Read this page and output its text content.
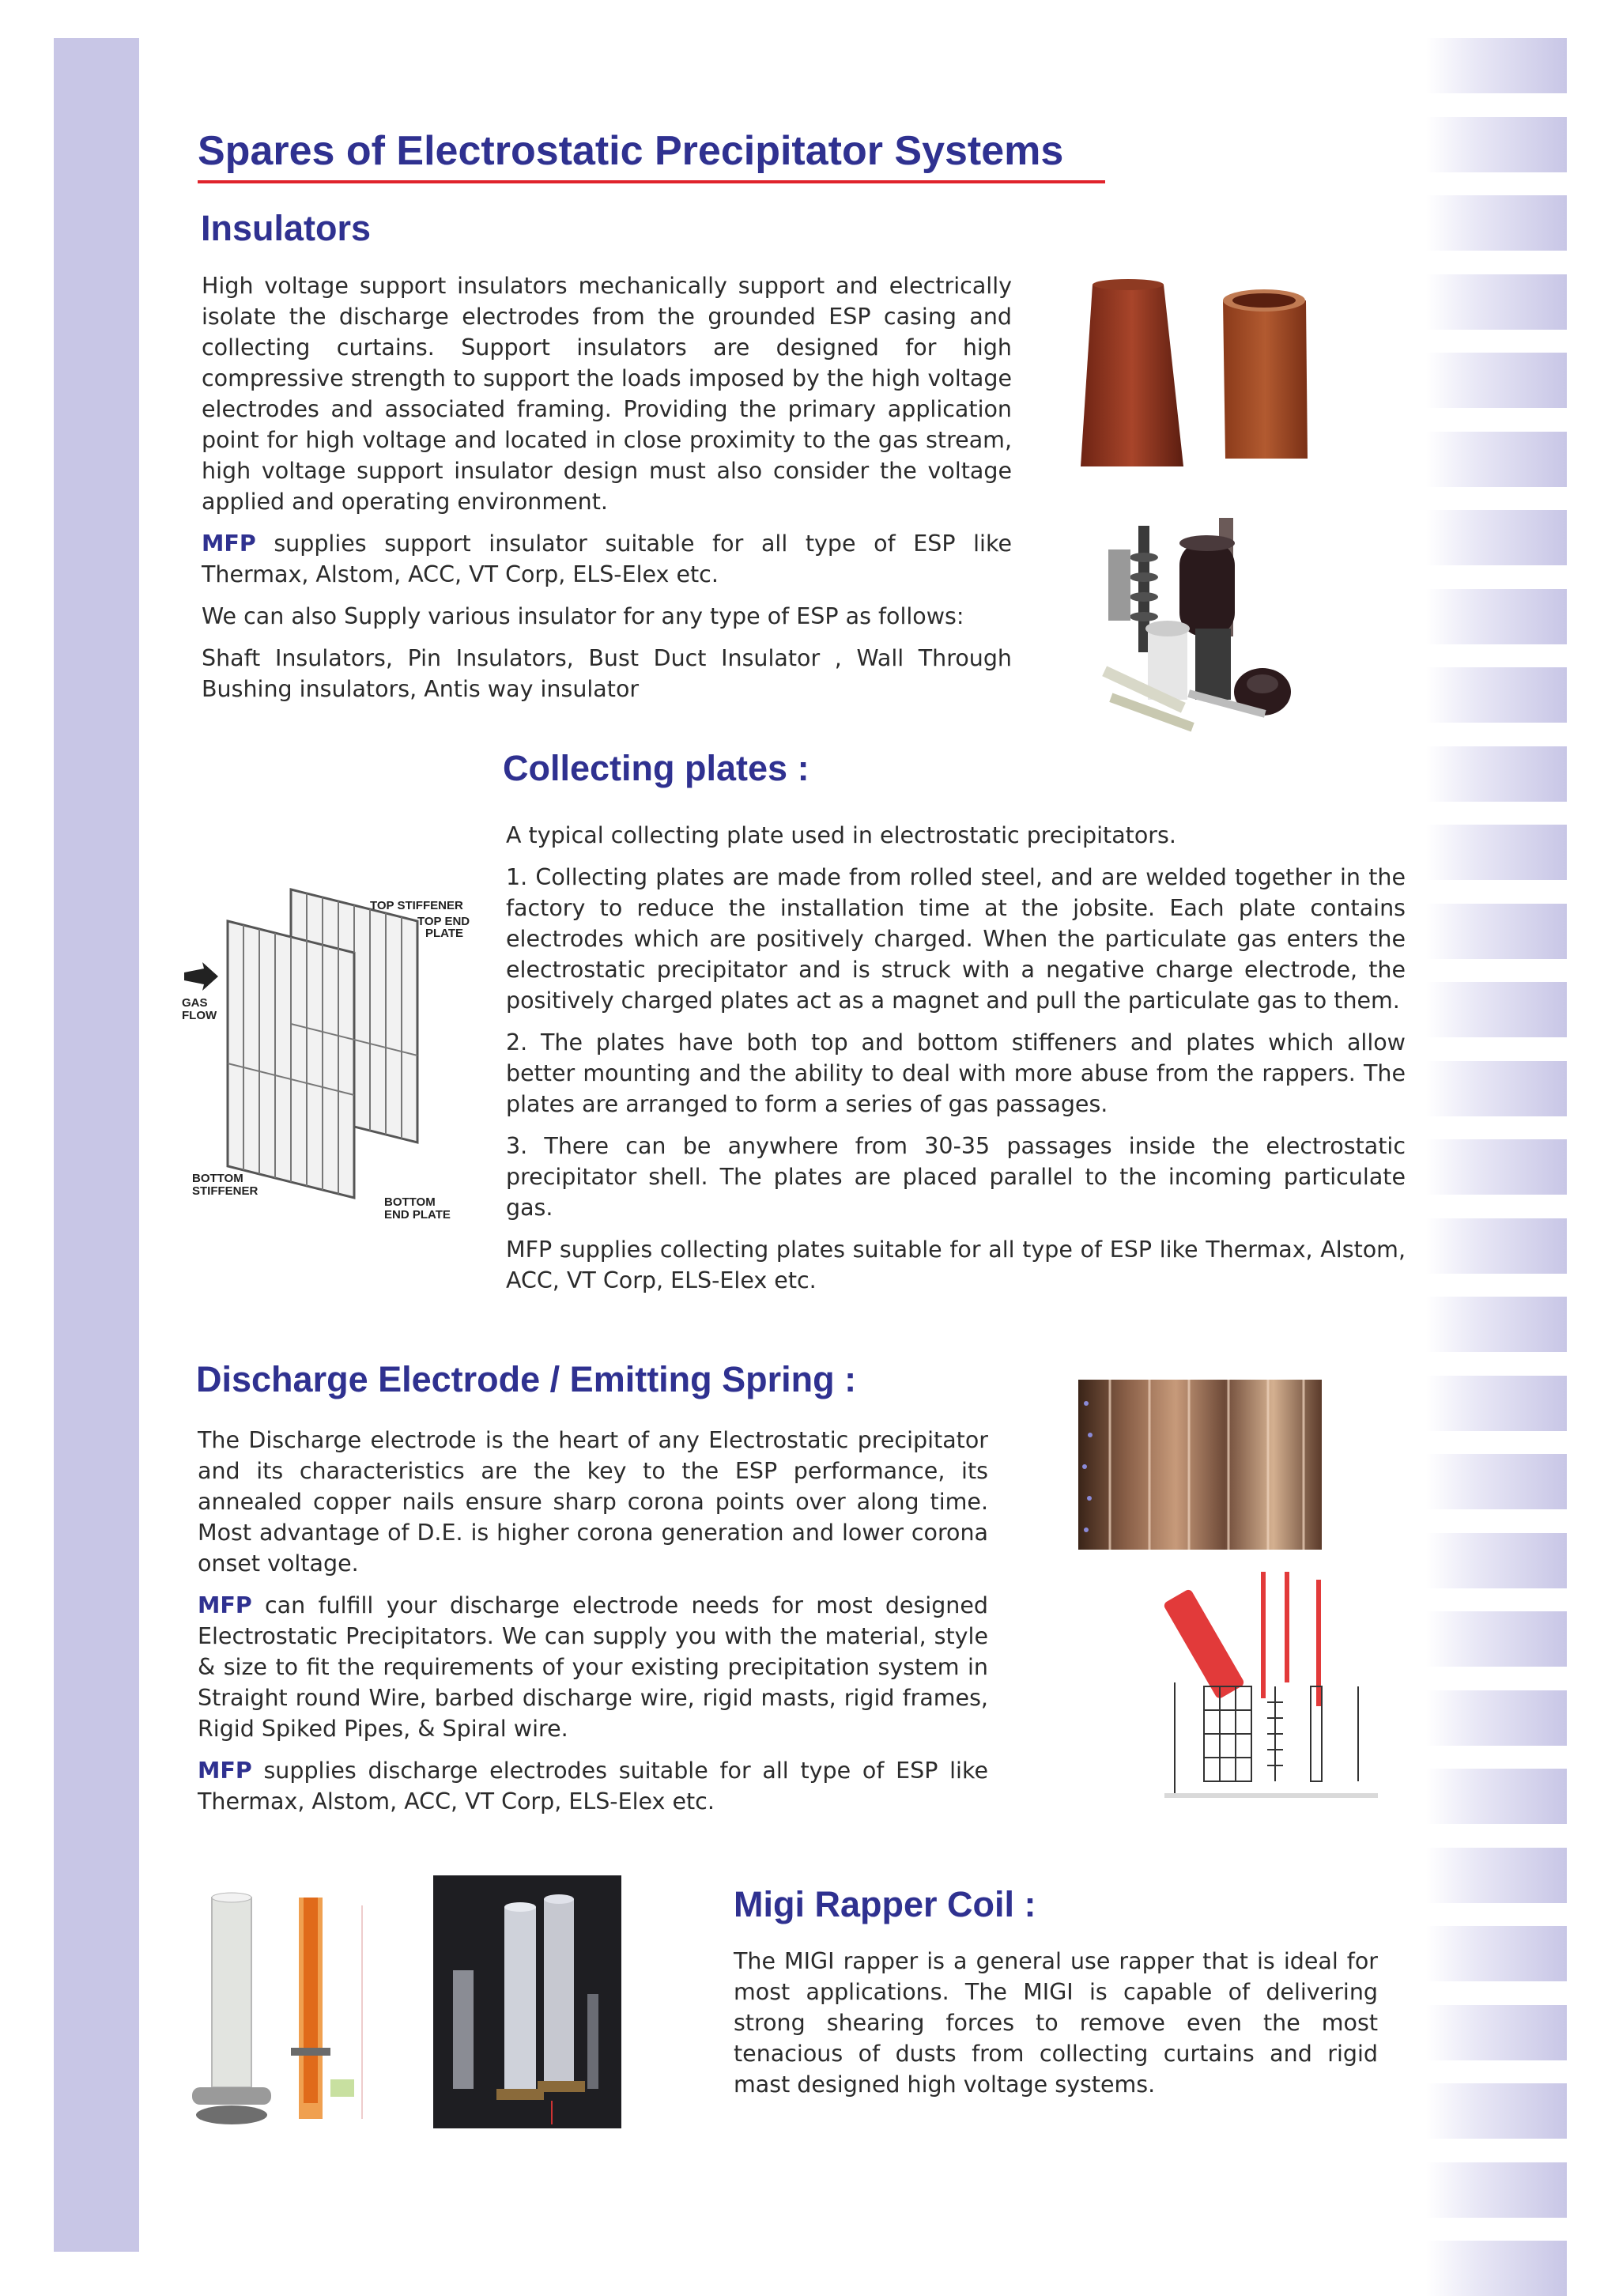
Spares of Electrostatic Precipitator Systems
Insulators

High voltage support insulators mechanically support and electrically isolate the discharge electrodes from the grounded ESP casing and collecting curtains. Support insulators are designed for high compressive strength to support the loads imposed by the high voltage electrodes and associated framing. Providing the primary application point for high voltage and located in close proximity to the gas stream, high voltage support insulator design must also consider the voltage applied and operating environment.

MFP supplies support insulator suitable for all type of ESP like Thermax, Alstom, ACC, VT Corp, ELS-Elex etc.

We can also Supply various insulator for any type of ESP as follows:

Shaft Insulators, Pin Insulators, Bust Duct Insulator , Wall Through Bushing insulators, Antis way insulator

Collecting plates :

A typical collecting plate used in electrostatic precipitators.

1. Collecting plates are made from rolled steel, and are welded together in the factory to reduce the installation time at the jobsite. Each plate contains electrodes which are positively charged. When the particulate gas enters the electrostatic precipitator and is struck with a negative charge electrode, the positively charged plates act as a magnet and pull the particulate gas to them.

2. The plates have both top and bottom stiffeners and plates which allow better mounting and the ability to deal with more abuse from the rappers. The plates are arranged to form a series of gas passages.

3. There can be anywhere from 30-35 passages inside the electrostatic precipitator shell. The plates are placed parallel to the incoming particulate gas.

MFP supplies collecting plates suitable for all type of ESP like Thermax, Alstom, ACC, VT Corp, ELS-Elex etc.

TOP STIFFENER
TOP END
PLATE
GAS
FLOW
BOTTOM
STIFFENER
BOTTOM
END PLATE
Discharge Electrode / Emitting Spring :

The Discharge electrode is the heart of any Electrostatic precipitator and its characteristics are the key to the ESP performance, its annealed copper nails ensure sharp corona points over along time. Most advantage of D.E. is higher corona generation and lower corona onset voltage.

MFP can fulfill your discharge electrode needs for most designed Electrostatic Precipitators. We can supply you with the material, style & size to fit the requirements of your existing precipitation system in Straight round Wire, barbed discharge wire, rigid masts, rigid frames, Rigid Spiked Pipes, & Spiral wire.

MFP supplies discharge electrodes suitable for all type of ESP like Thermax, Alstom, ACC, VT Corp, ELS-Elex etc.

Migi Rapper Coil :

The MIGI rapper is a general use rapper that is ideal for most applications. The MIGI is capable of delivering strong shearing forces to remove even the most tenacious of dusts from collecting curtains and rigid mast designed high voltage systems.
